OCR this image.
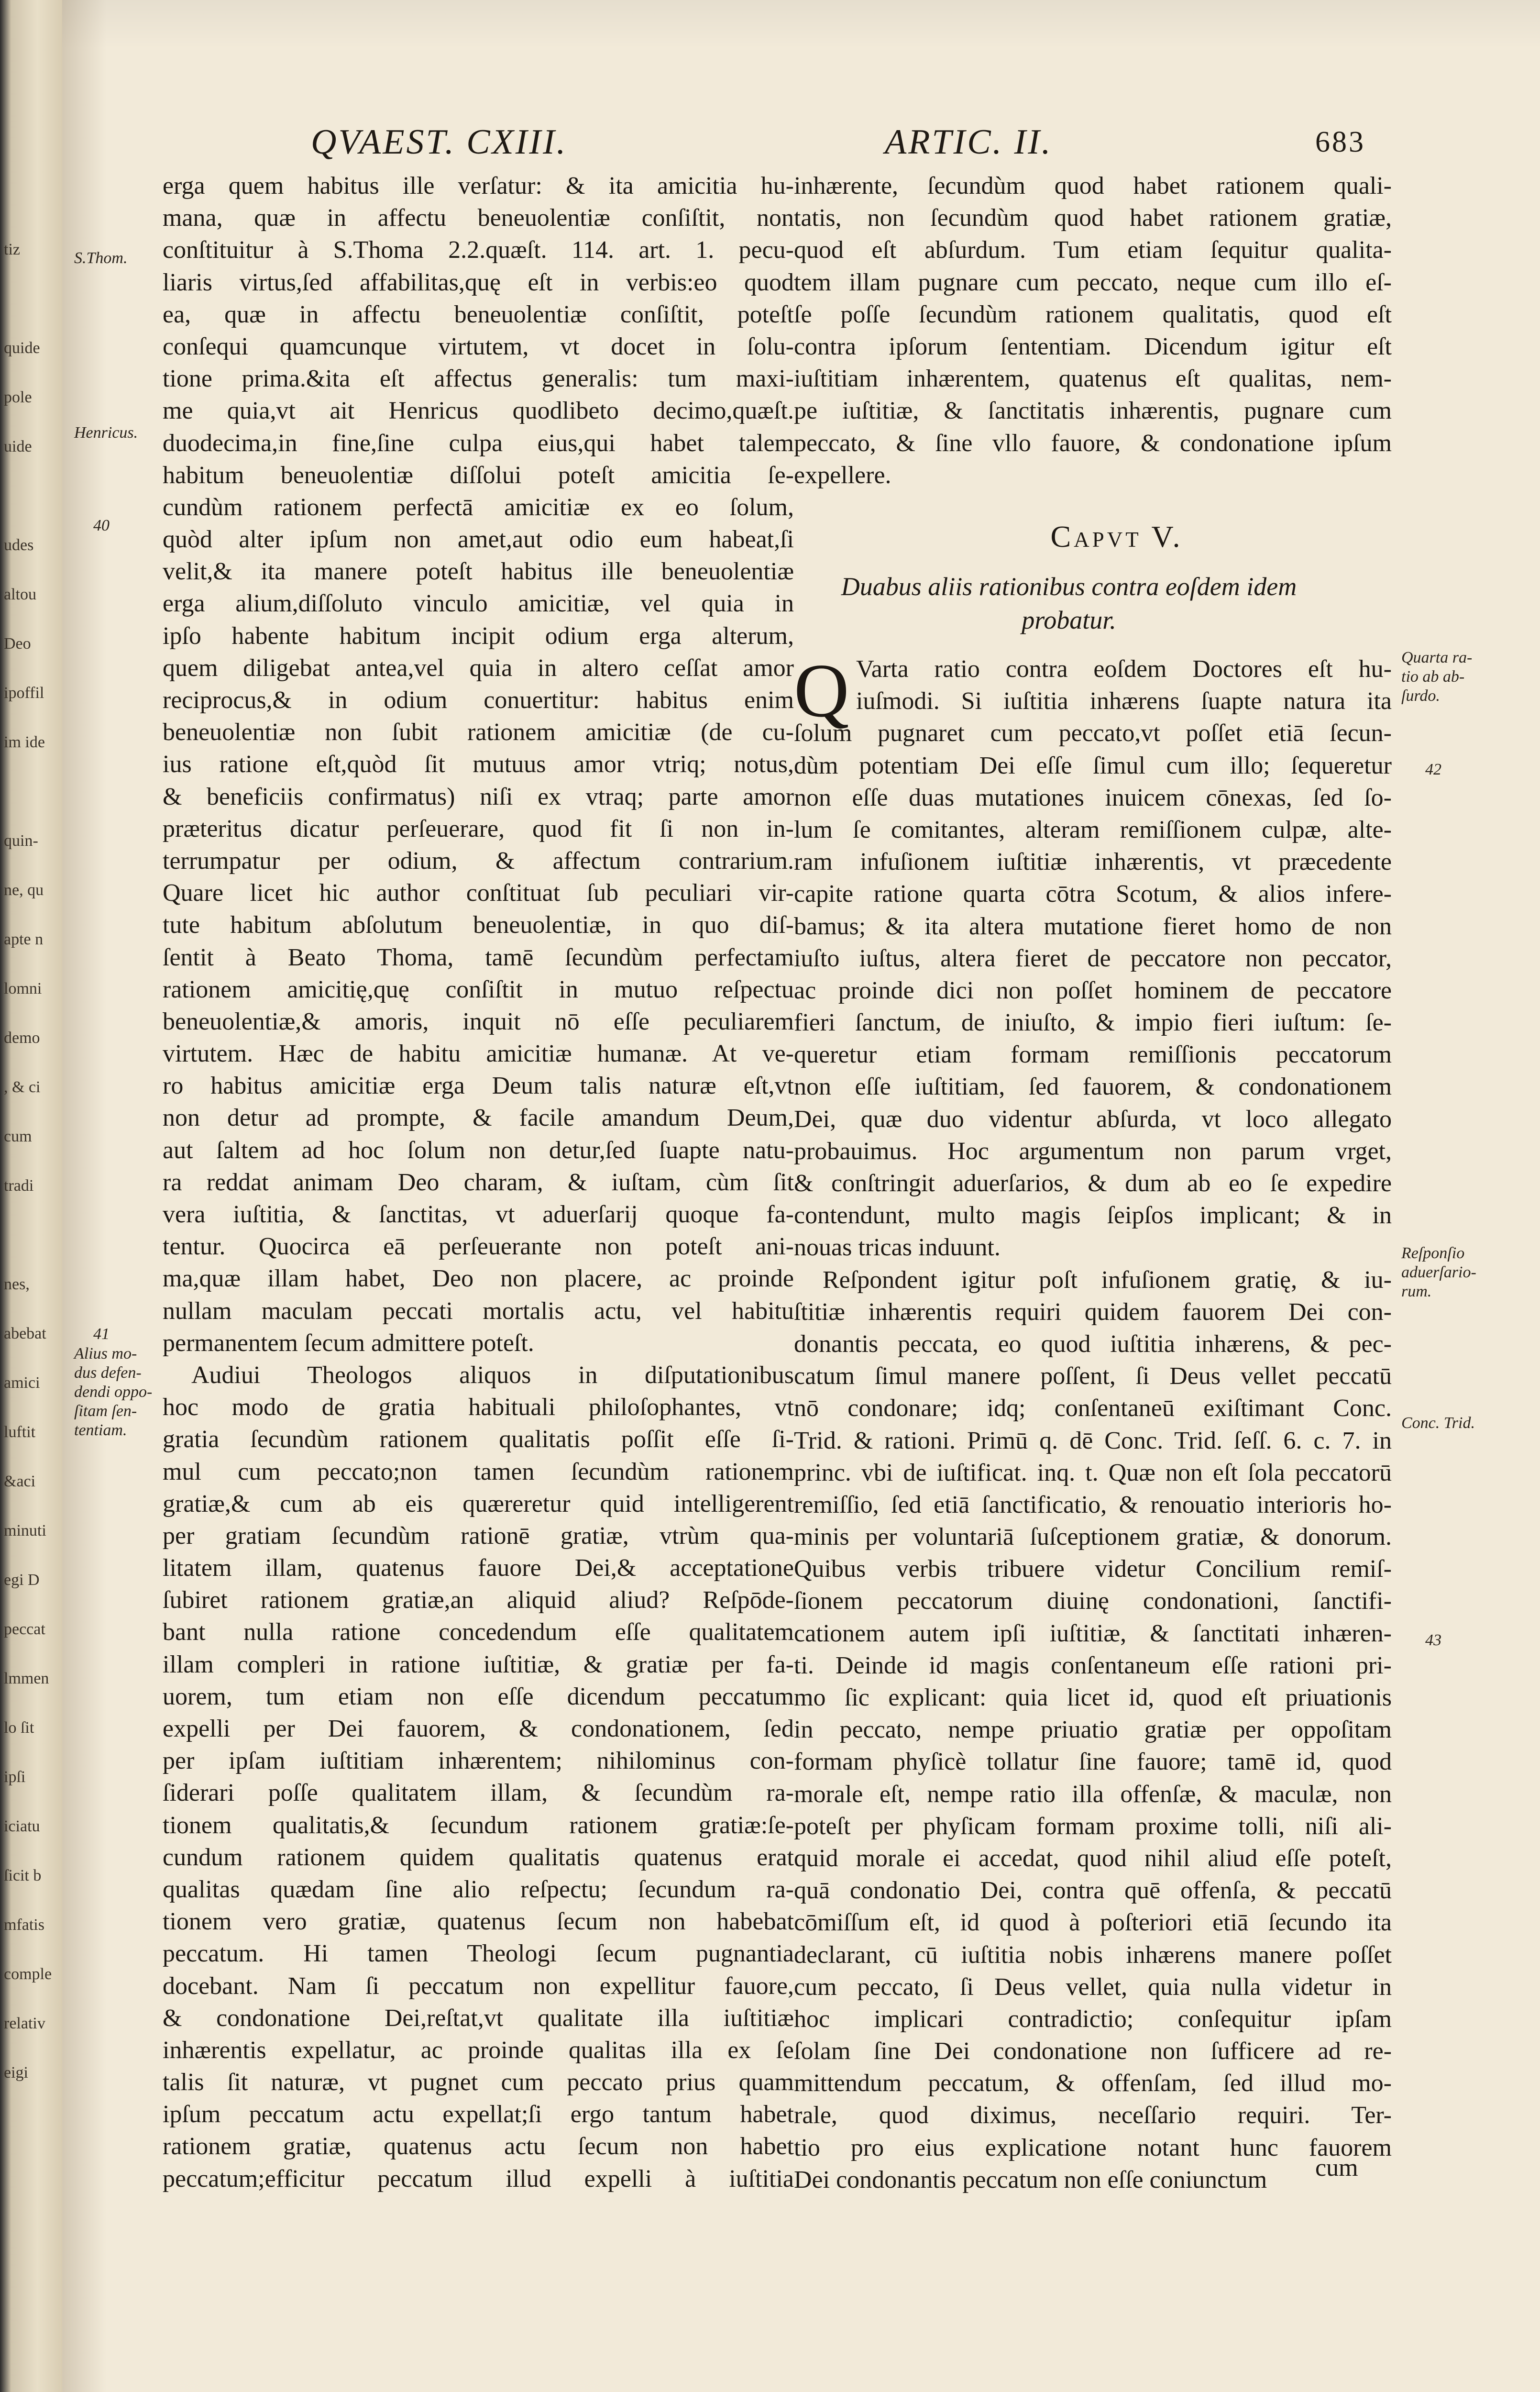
tiz
quide
pole
uide
udes
altou
Deo
ipoffil
im ide
quin-
ne, qu
apte n
lomni
demo
, & ci
cum
tradi
nes,
abebat
amici
luftit
&aci
minuti
egi D
peccat
lmmen
lo ſit
ipſi
iciatu
ſicit b
mfatis
comple
relativ
eigi
QVAEST. CXIII.	ARTIC. II.	683
erga quem habitus ille verſatur: & ita amicitia hu-
mana, quæ in affectu beneuolentiæ conſiſtit, non
conſtituitur à S.Thoma 2.2.quæſt. 114. art. 1. pecu-
liaris virtus,ſed affabilitas,quę eſt in verbis:eo quod
ea, quæ in affectu beneuolentiæ conſiſtit, poteſt
conſequi quamcunque virtutem, vt docet in ſolu-
tione prima.&ita eſt affectus generalis: tum maxi-
me quia,vt ait Henricus quodlibeto decimo,quæſt.
duodecima,in fine,ſine culpa eius,qui habet talem
habitum beneuolentiæ diſſolui poteſt amicitia ſe-
cundùm rationem perfectā amicitiæ ex eo ſolum,
quòd alter ipſum non amet,aut odio eum habeat,ſi
velit,& ita manere poteſt habitus ille beneuolentiæ
erga alium,diſſoluto vinculo amicitiæ, vel quia in
ipſo habente habitum incipit odium erga alterum,
quem diligebat antea,vel quia in altero ceſſat amor
reciprocus,& in odium conuertitur: habitus enim
beneuolentiæ non ſubit rationem amicitiæ (de cu-
ius ratione eſt,quòd ſit mutuus amor vtriq; notus,
& beneficiis confirmatus) niſi ex vtraq; parte amor
præteritus dicatur perſeuerare, quod fit ſi non in-
terrumpatur per odium, & affectum contrarium.
Quare licet hic author conſtituat ſub peculiari vir-
tute habitum abſolutum beneuolentiæ, in quo diſ-
ſentit à Beato Thoma, tamē ſecundùm perfectam
rationem amicitię,quę conſiſtit in mutuo reſpectu
beneuolentiæ,& amoris, inquit nō eſſe peculiarem
virtutem. Hæc de habitu amicitiæ humanæ. At ve-
ro habitus amicitiæ erga Deum talis naturæ eſt,vt
non detur ad prompte, & facile amandum Deum,
aut ſaltem ad hoc ſolum non detur,ſed ſuapte natu-
ra reddat animam Deo charam, & iuſtam, cùm ſit
vera iuſtitia, & ſanctitas, vt aduerſarij quoque fa-
tentur. Quocirca eā perſeuerante non poteſt ani-
ma,quæ illam habet, Deo non placere, ac proinde
nullam maculam peccati mortalis actu, vel habitu
permanentem ſecum admittere poteſt.
Audiui Theologos aliquos in diſputationibus
hoc modo de gratia habituali philoſophantes, vt
gratia ſecundùm rationem qualitatis poſſit eſſe ſi-
mul cum peccato;non tamen ſecundùm rationem
gratiæ,& cum ab eis quæreretur quid intelligerent
per gratiam ſecundùm rationē gratiæ, vtrùm qua-
litatem illam, quatenus fauore Dei,& acceptatione
ſubiret rationem gratiæ,an aliquid aliud? Reſpōde-
bant nulla ratione concedendum eſſe qualitatem
illam compleri in ratione iuſtitiæ, & gratiæ per fa-
uorem, tum etiam non eſſe dicendum peccatum
expelli per Dei fauorem, & condonationem, ſed
per ipſam iuſtitiam inhærentem; nihilominus con-
ſiderari poſſe qualitatem illam, & ſecundùm ra-
tionem qualitatis,& ſecundum rationem gratiæ:ſe-
cundum rationem quidem qualitatis quatenus erat
qualitas quædam ſine alio reſpectu; ſecundum ra-
tionem vero gratiæ, quatenus ſecum non habebat
peccatum. Hi tamen Theologi ſecum pugnantia
docebant. Nam ſi peccatum non expellitur fauore,
& condonatione Dei,reſtat,vt qualitate illa iuſtitiæ
inhærentis expellatur, ac proinde qualitas illa ex ſe
talis ſit naturæ, vt pugnet cum peccato prius quam
ipſum peccatum actu expellat;ſi ergo tantum habet
rationem gratiæ, quatenus actu ſecum non habet
peccatum;efficitur peccatum illud expelli à iuſtitia
inhærente, ſecundùm quod habet rationem quali-
tatis, non ſecundùm quod habet rationem gratiæ,
quod eſt abſurdum. Tum etiam ſequitur qualita-
tem illam pugnare cum peccato, neque cum illo eſ-
ſe poſſe ſecundùm rationem qualitatis, quod eſt
contra ipſorum ſententiam. Dicendum igitur eſt
iuſtitiam inhærentem, quatenus eſt qualitas, nem-
pe iuſtitiæ, & ſanctitatis inhærentis, pugnare cum
peccato, & ſine vllo fauore, & condonatione ipſum
expellere.
Capvt V.
Duabus aliis rationibus contra eoſdem idem
probatur.
Q Varta ratio contra eoſdem Doctores eſt hu-
iuſmodi. Si iuſtitia inhærens ſuapte natura ita
ſolum pugnaret cum peccato,vt poſſet etiā ſecun-
dùm potentiam Dei eſſe ſimul cum illo; ſequeretur
non eſſe duas mutationes inuicem cōnexas, ſed ſo-
lum ſe comitantes, alteram remiſſionem culpæ, alte-
ram infuſionem iuſtitiæ inhærentis, vt præcedente
capite ratione quarta cōtra Scotum, & alios infere-
bamus; & ita altera mutatione fieret homo de non
iuſto iuſtus, altera fieret de peccatore non peccator,
ac proinde dici non poſſet hominem de peccatore
fieri ſanctum, de iniuſto, & impio fieri iuſtum: ſe-
queretur etiam formam remiſſionis peccatorum
non eſſe iuſtitiam, ſed fauorem, & condonationem
Dei, quæ duo videntur abſurda, vt loco allegato
probauimus. Hoc argumentum non parum vrget,
& conſtringit aduerſarios, & dum ab eo ſe expedire
contendunt, multo magis ſeipſos implicant; & in
nouas tricas induunt.
Reſpondent igitur poſt infuſionem gratię, & iu-
ſtitiæ inhærentis requiri quidem fauorem Dei con-
donantis peccata, eo quod iuſtitia inhærens, & pec-
catum ſimul manere poſſent, ſi Deus vellet peccatū
nō condonare; idq; conſentaneū exiſtimant Conc.
Trid. & rationi. Primū q. dē Conc. Trid. ſeſſ. 6. c. 7. in
princ. vbi de iuſtificat. inq. t. Quæ non eſt ſola peccatorū
remiſſio, ſed etiā ſanctificatio, & renouatio interioris ho-
minis per voluntariā ſuſceptionem gratiæ, & donorum.
Quibus verbis tribuere videtur Concilium remiſ-
ſionem peccatorum diuinę condonationi, ſanctifi-
cationem autem ipſi iuſtitiæ, & ſanctitati inhæren-
ti. Deinde id magis conſentaneum eſſe rationi pri-
mo ſic explicant: quia licet id, quod eſt priuationis
in peccato, nempe priuatio gratiæ per oppoſitam
formam phyſicè tollatur ſine fauore; tamē id, quod
morale eſt, nempe ratio illa offenſæ, & maculæ, non
poteſt per phyſicam formam proxime tolli, niſi ali-
quid morale ei accedat, quod nihil aliud eſſe poteſt,
quā condonatio Dei, contra quē offenſa, & peccatū
cōmiſſum eſt, id quod à poſteriori etiā ſecundo ita
declarant, cū iuſtitia nobis inhærens manere poſſet
cum peccato, ſi Deus vellet, quia nulla videtur in
hoc implicari contradictio; conſequitur ipſam
ſolam ſine Dei condonatione non ſufficere ad re-
mittendum peccatum, & offenſam, ſed illud mo-
rale, quod diximus, neceſſario requiri. Ter-
tio pro eius explicatione notant hunc fauorem
Dei condonantis peccatum non eſſe coniunctum	cum
S.Thom.
Henricus.
40
41
Alius mo-
dus defen-
dendi oppo-
ſitam ſen-
tentiam.
Quarta ra-
tio ab ab-
ſurdo.
42
Reſponſio
aduerſario-
rum.
Conc. Trid.
43
